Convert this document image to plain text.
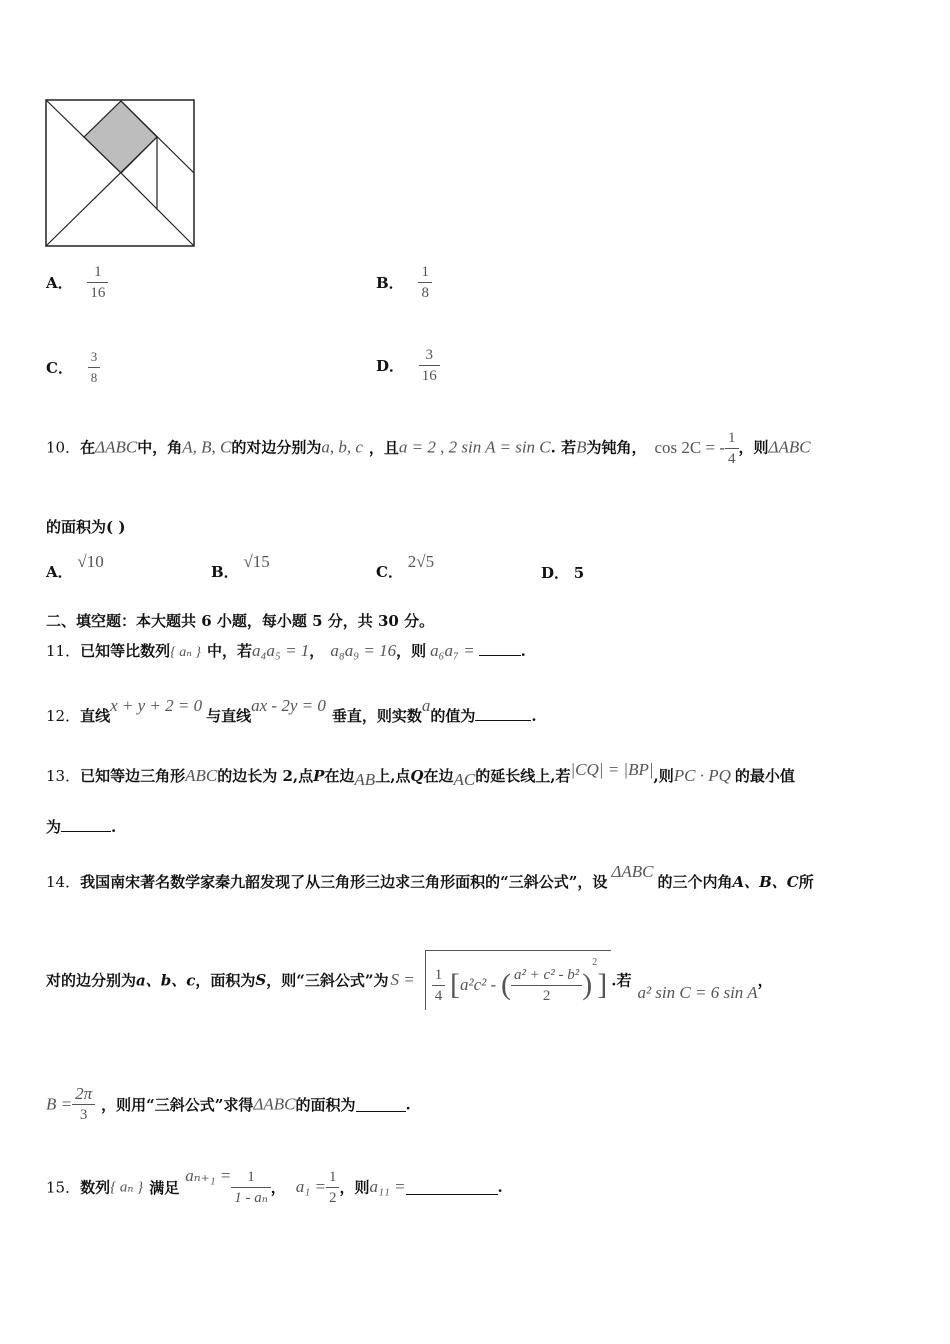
A． $\frac{1}{16}$	B． $\frac{1}{8}$
C． $\frac{3}{8}$	D． $\frac{3}{16}$
10．在ΔABC中，角A, B, C的对边分别为a, b, c ，且a = 2 , 2 sin A = sin C. 若B为钝角， cos 2C = - $\frac{1}{4}$ ，则ΔABC
的面积为( )
A． √10
B． √15
C． 2√5
D． 5
二、填空题：本大题共 6 小题，每小题 5 分，共 30 分。
11．已知等比数列{ aₙ } 中，若a₄a₅ = 1， a₈a₉ = 16，则 a₆a₇ =	.
12．直线x + y + 2 = 0与直线ax - 2y = 0垂直，则实数a的值为	.
13．已知等边三角形ABC的边长为 2,点P在边AB上,点Q在边AC的延长线上,若|CQ| = |BP|,则PC · PQ 的最小值
为	.
14．我国南宋著名数学家秦九韶发现了从三角形三边求三角形面积的“三斜公式”，设ΔABC的三个内角A、B、C所
对的边分别为a、b、c，面积为S，则“三斜公式”为 $S = \frac{1}{4} [a^2c^2$ - ( $\frac{\text{a² + c² - b²}}{2} )^2$] .若a² sin C = 6 sin A，
$B = \frac{2\pi}{3}$ ，则用“三斜公式”求得ΔABC的面积为	.
15．数列{ aₙ } 满足$a_{n+1} = \frac{1}{\text{1 - aₙ}}$ ， $a_1 = \frac{1}{2}$ ，则a₁₁ =	.
